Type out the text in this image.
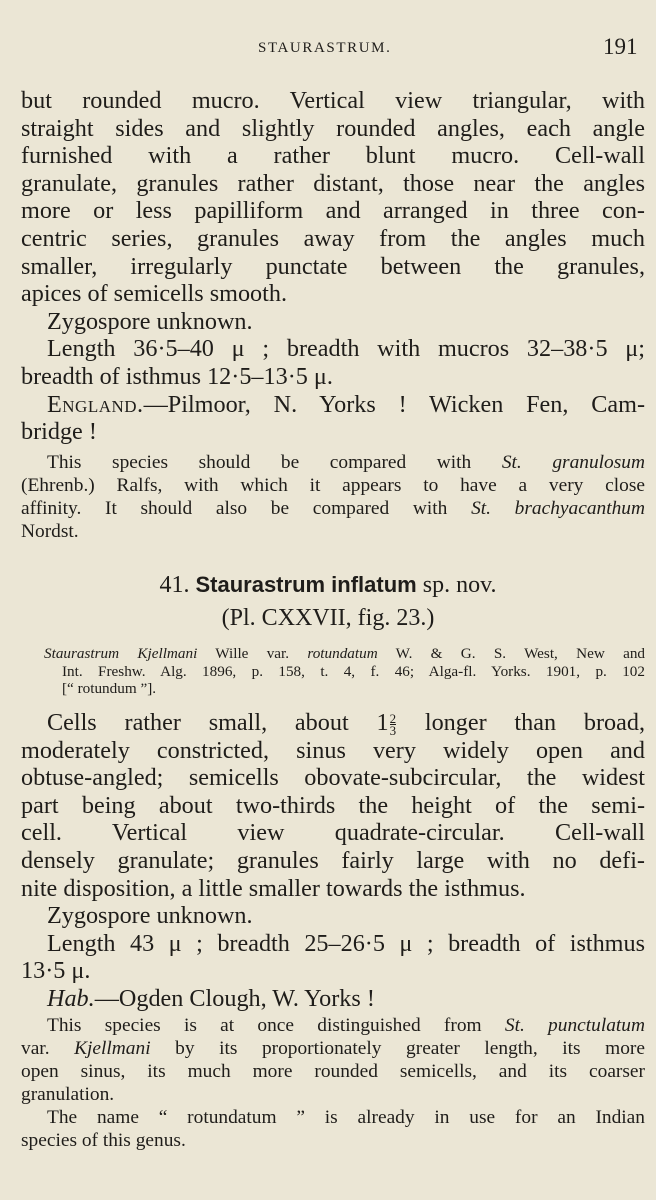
STAURASTRUM.	191
but rounded mucro. Vertical view triangular, with
straight sides and slightly rounded angles, each angle
furnished with a rather blunt mucro. Cell-wall
granulate, granules rather distant, those near the angles
more or less papilliform and arranged in three con-
centric series, granules away from the angles much
smaller, irregularly punctate between the granules,
apices of semicells smooth.
Zygospore unknown.
Length 36·5–40 μ ; breadth with mucros 32–38·5 μ;
breadth of isthmus 12·5–13·5 μ.
England.—Pilmoor, N. Yorks ! Wicken Fen, Cam-
bridge !
This species should be compared with St. granulosum
(Ehrenb.) Ralfs, with which it appears to have a very close
affinity. It should also be compared with St. brachyacanthum
Nordst.
41. Staurastrum inflatum sp. nov.
(Pl. CXXVII, fig. 23.)
Staurastrum Kjellmani Wille var. rotundatum W. & G. S. West, New and
Int. Freshw. Alg. 1896, p. 158, t. 4, f. 46; Alga-fl. Yorks. 1901, p. 102
[“ rotundum ”].
Cells rather small, about $1 \frac{2}{3}$ longer than broad,
moderately constricted, sinus very widely open and
obtuse-angled; semicells obovate-subcircular, the widest
part being about two-thirds the height of the semi-
cell. Vertical view quadrate-circular. Cell-wall
densely granulate; granules fairly large with no defi-
nite disposition, a little smaller towards the isthmus.
Zygospore unknown.
Length 43 μ ; breadth 25–26·5 μ ; breadth of isthmus
13·5 μ.
Hab.—Ogden Clough, W. Yorks !
This species is at once distinguished from St. punctulatum
var. Kjellmani by its proportionately greater length, its more
open sinus, its much more rounded semicells, and its coarser
granulation.
The name “ rotundatum ” is already in use for an Indian
species of this genus.
